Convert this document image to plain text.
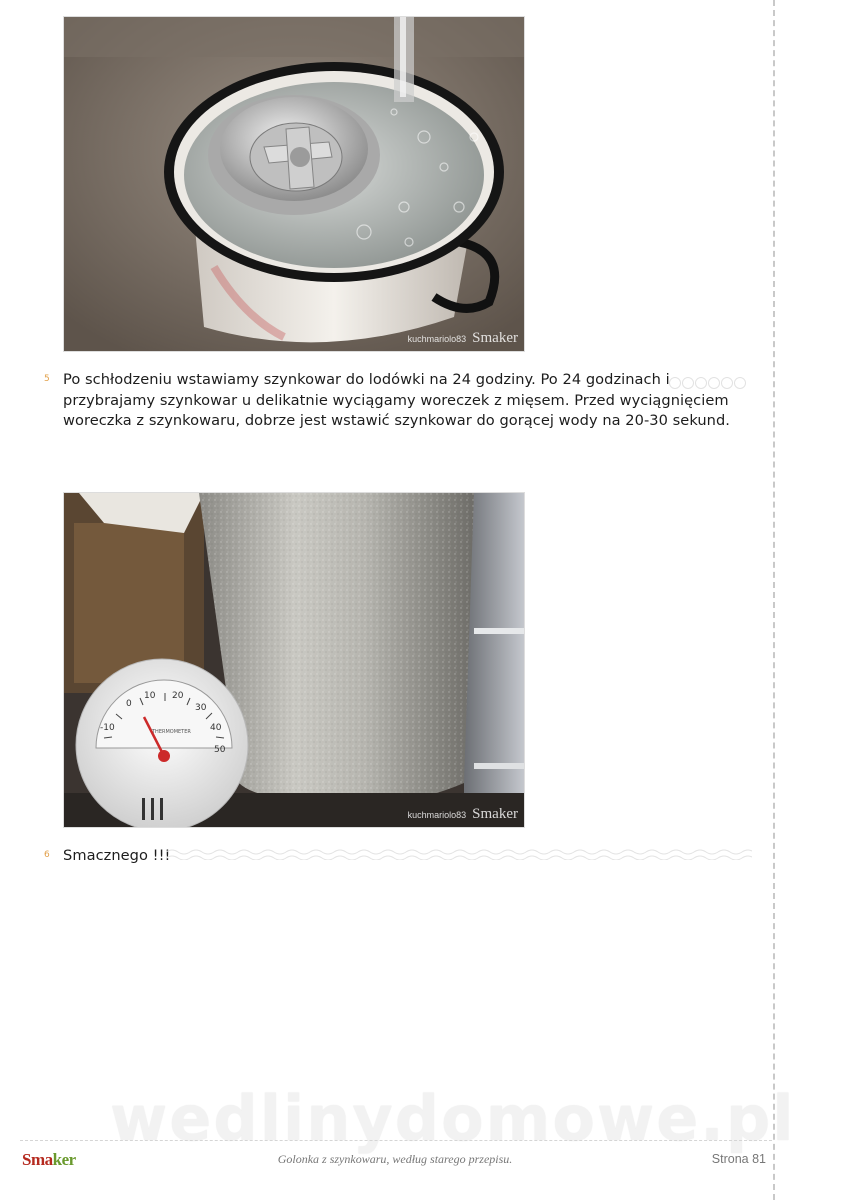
kuchmariolo83 Smaker
5 Po schłodzeniu wstawiamy szynkowar do lodówki na 24 godziny. Po 24 godzinach i przybrajamy szynkowar u delikatnie wyciągamy woreczek z mięsem. Przed wyciągnięciem woreczka z szynkowaru, dobrze jest wstawić szynkowar do gorącej wody na 20-30 sekund.
-10
0
10 20
30
40
50
THERMOMETER
kuchmariolo83 Smaker
6 Smacznego !!!
wedlinydomowe.pl
Smaker	Golonka z szynkowaru, według starego przepisu.	Strona 81
